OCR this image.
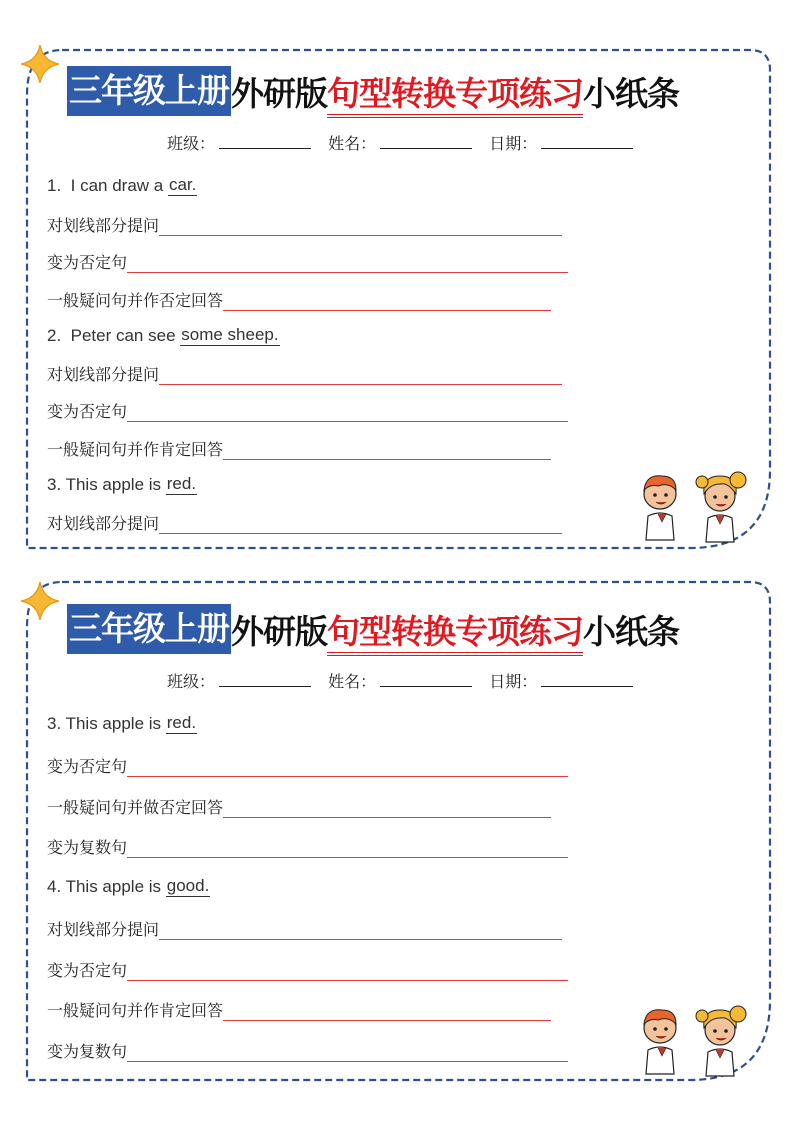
三年级上册 外研版 句型转换专项练习 小纸条
班级：	姓名：	日期：
1.  I can draw a car.
对划线部分提问
变为否定句
一般疑问句并作否定回答
2.  Peter can see some sheep.
对划线部分提问
变为否定句
一般疑问句并作肯定回答
3. This apple is red.
对划线部分提问
三年级上册 外研版 句型转换专项练习 小纸条
班级：	姓名：	日期：
3. This apple is red.
变为否定句
一般疑问句并做否定回答
变为复数句
4. This apple is good.
对划线部分提问
变为否定句
一般疑问句并作肯定回答
变为复数句
